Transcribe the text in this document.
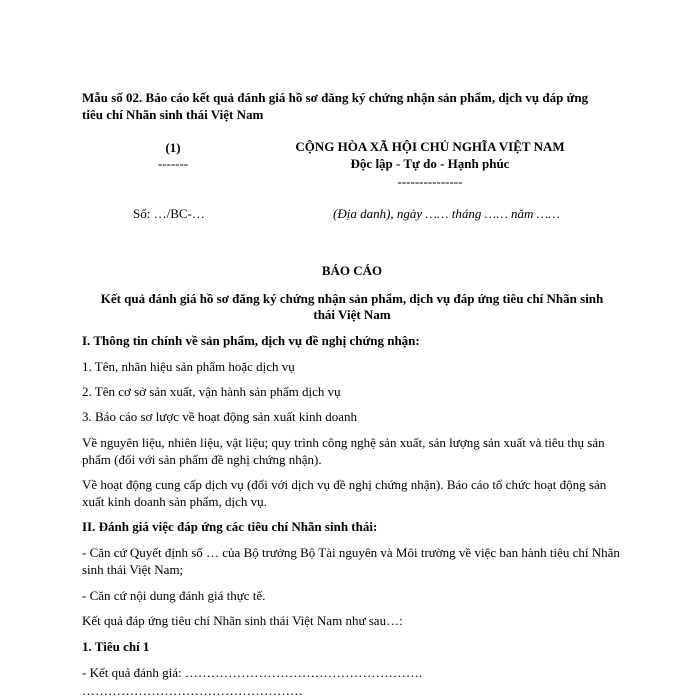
Mẫu số 02. Báo cáo kết quả đánh giá hồ sơ đăng ký chứng nhận sản phẩm, dịch vụ đáp ứng
tiêu chí Nhãn sinh thái Việt Nam
(1)
-------
CỘNG HÒA XÃ HỘI CHỦ NGHĨA VIỆT NAM
Độc lập - Tự do - Hạnh phúc
---------------
Số: …/BC-…	(Địa danh), ngày …… tháng …… năm ……
BÁO CÁO
Kết quả đánh giá hồ sơ đăng ký chứng nhận sản phẩm, dịch vụ đáp ứng tiêu chí Nhãn sinh
thái Việt Nam
I. Thông tin chính về sản phẩm, dịch vụ đề nghị chứng nhận:
1. Tên, nhãn hiệu sản phẩm hoặc dịch vụ
2. Tên cơ sở sản xuất, vận hành sản phẩm dịch vụ
3. Báo cáo sơ lược về hoạt động sản xuất kinh doanh
Về nguyên liệu, nhiên liệu, vật liệu; quy trình công nghệ sản xuất, sản lượng sản xuất và tiêu thụ sản phẩm (đối với sản phẩm đề nghị chứng nhận).
Về hoạt động cung cấp dịch vụ (đối với dịch vụ đề nghị chứng nhận). Báo cáo tổ chức hoạt động sản xuất kinh doanh sản phẩm, dịch vụ.
II. Đánh giá việc đáp ứng các tiêu chí Nhãn sinh thái:
- Căn cứ Quyết định số … của Bộ trưởng Bộ Tài nguyên và Môi trường về việc ban hành tiêu chí Nhãn sinh thái Việt Nam;
- Căn cứ nội dung đánh giá thực tế.
Kết quả đáp ứng tiêu chí Nhãn sinh thái Việt Nam như sau…:
1. Tiêu chí 1
- Kết quả đánh giá: ……………………………………………….
……………………………………………
